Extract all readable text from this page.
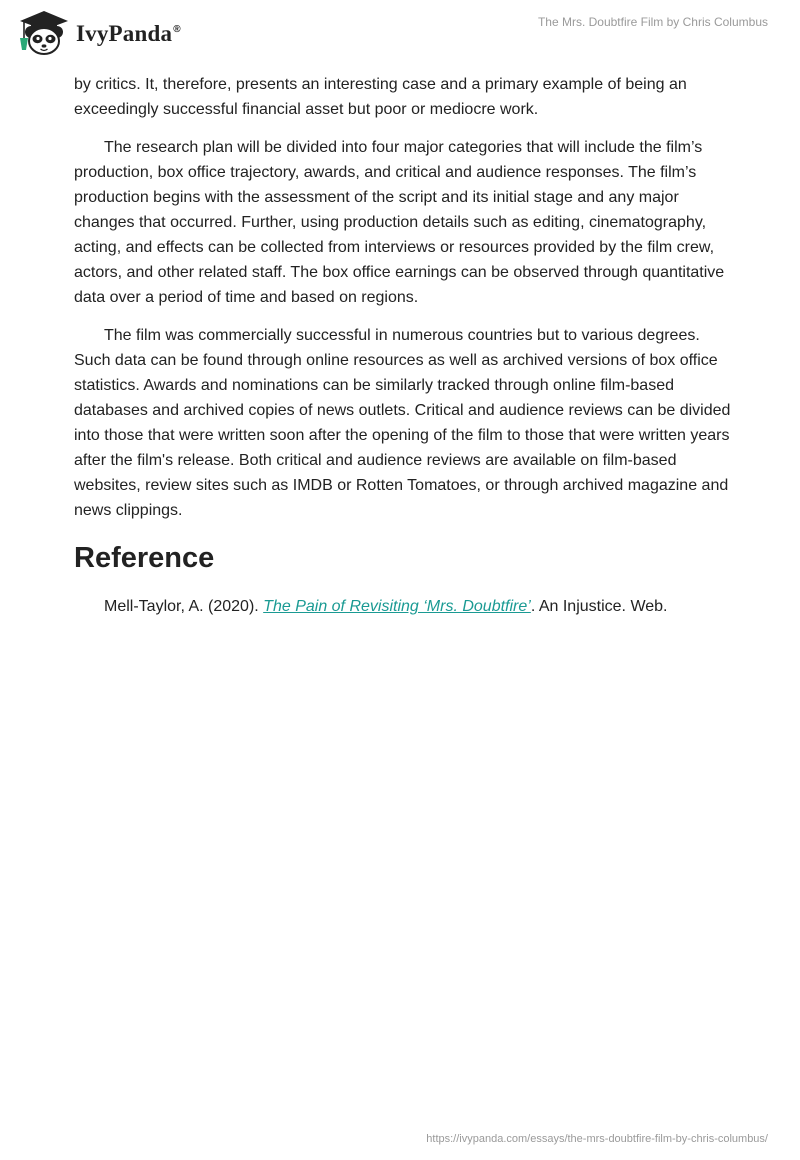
IvyPanda®
The Mrs. Doubtfire Film by Chris Columbus

by critics. It, therefore, presents an interesting case and a primary example of being an exceedingly successful financial asset but poor or mediocre work.

The research plan will be divided into four major categories that will include the film’s production, box office trajectory, awards, and critical and audience responses. The film’s production begins with the assessment of the script and its initial stage and any major changes that occurred. Further, using production details such as editing, cinematography, acting, and effects can be collected from interviews or resources provided by the film crew, actors, and other related staff. The box office earnings can be observed through quantitative data over a period of time and based on regions.

The film was commercially successful in numerous countries but to various degrees. Such data can be found through online resources as well as archived versions of box office statistics. Awards and nominations can be similarly tracked through online film-based databases and archived copies of news outlets. Critical and audience reviews can be divided into those that were written soon after the opening of the film to those that were written years after the film's release. Both critical and audience reviews are available on film-based websites, review sites such as IMDB or Rotten Tomatoes, or through archived magazine and news clippings.

Reference
Mell-Taylor, A. (2020). The Pain of Revisiting ‘Mrs. Doubtfire’. An Injustice. Web.
https://ivypanda.com/essays/the-mrs-doubtfire-film-by-chris-columbus/
